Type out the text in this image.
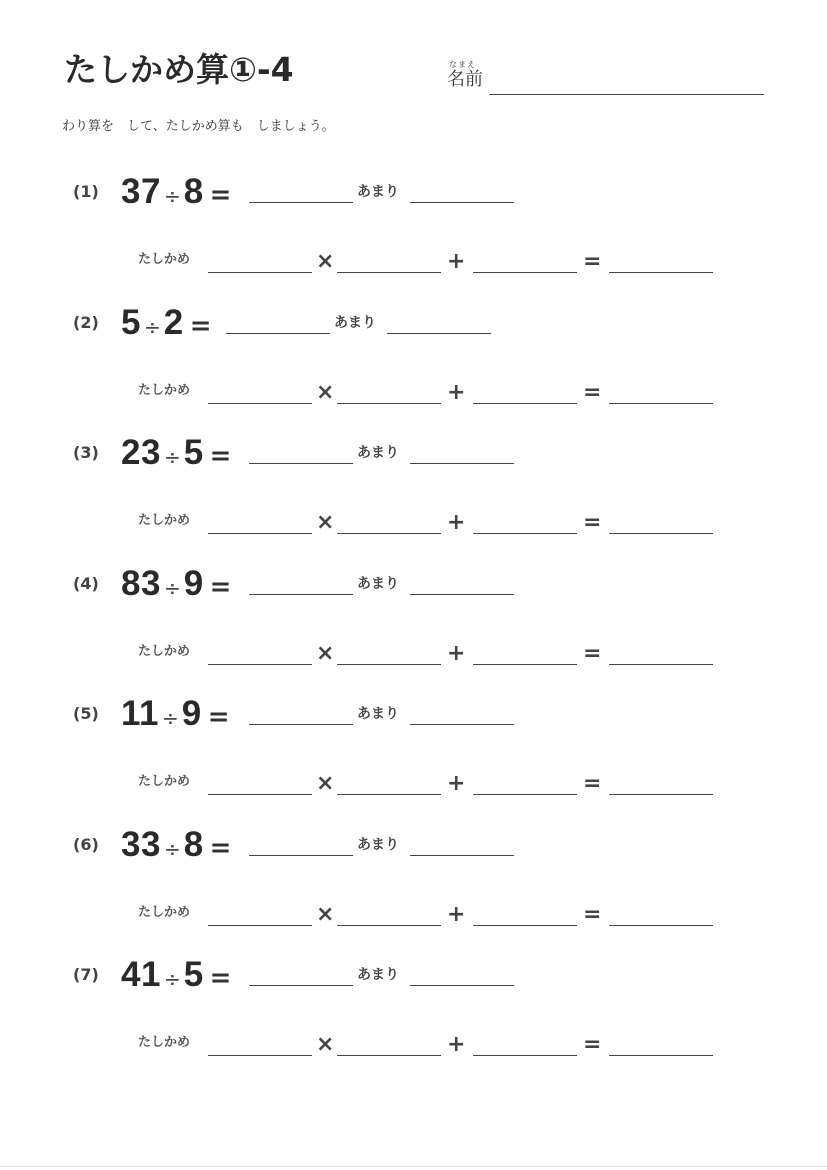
たしかめ算①-4	なまえ
名前
わり算を　して、たしかめ算も　しましょう。
(1) 37 ÷ 8 =	あまり
たしかめ	×	+	=
(2) 5 ÷ 2 =	あまり
たしかめ	×	+	=
(3) 23 ÷ 5 =	あまり
たしかめ	×	+	=
(4) 83 ÷ 9 =	あまり
たしかめ	×	+	=
(5) 11 ÷ 9 =	あまり
たしかめ	×	+	=
(6) 33 ÷ 8 =	あまり
たしかめ	×	+	=
(7) 41 ÷ 5 =	あまり
たしかめ	×	+	=
